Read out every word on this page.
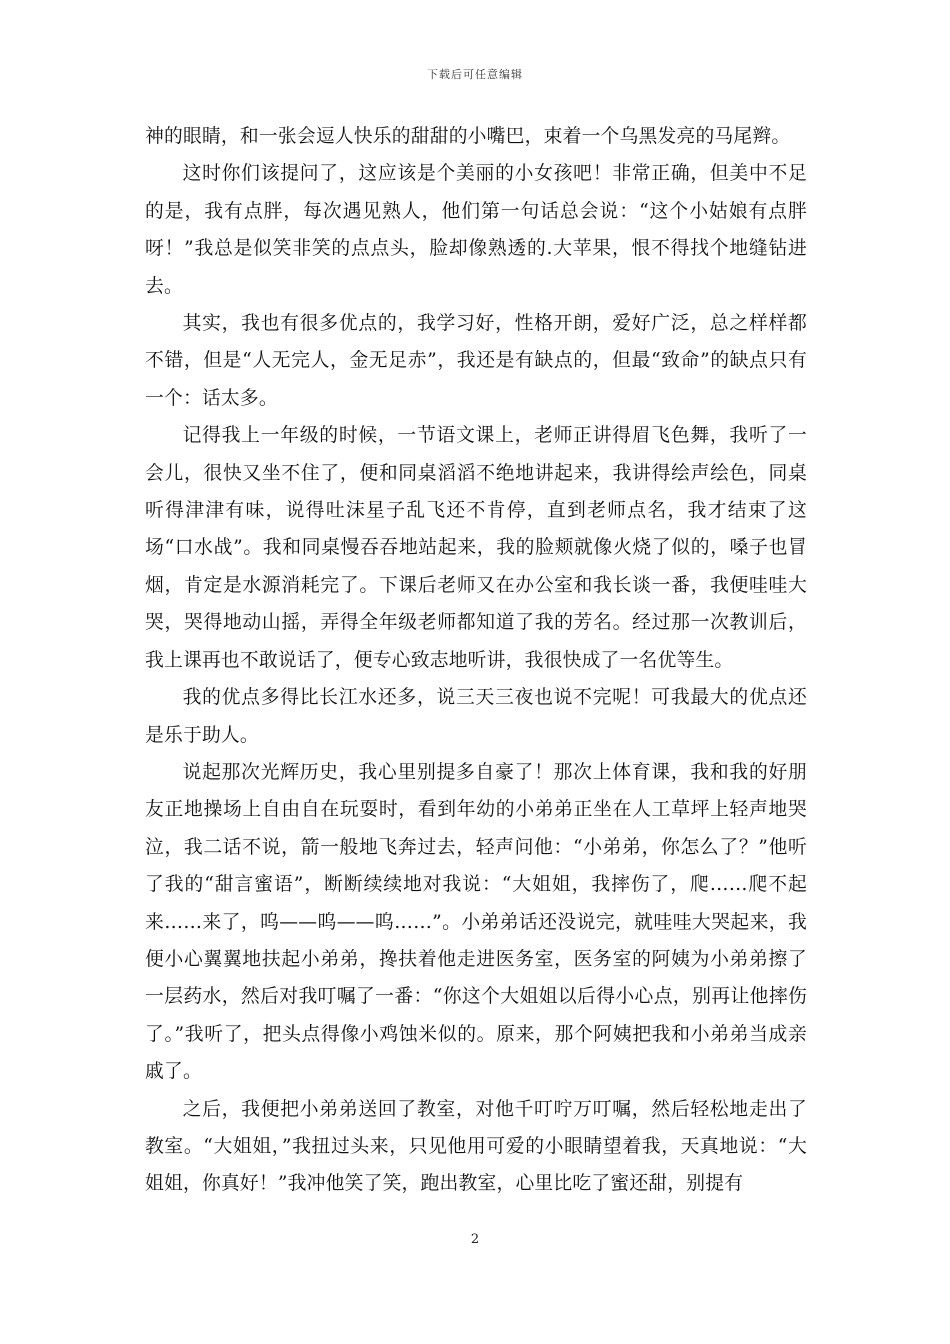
下载后可任意编辑

神的眼睛，和一张会逗人快乐的甜甜的小嘴巴，束着一个乌黑发亮的马尾辫。

这时你们该提问了，这应该是个美丽的小女孩吧！非常正确，但美中不足的是，我有点胖，每次遇见熟人，他们第一句话总会说：“这个小姑娘有点胖呀！”我总是似笑非笑的点点头，脸却像熟透的.大苹果，恨不得找个地缝钻进去。

其实，我也有很多优点的，我学习好，性格开朗，爱好广泛，总之样样都不错，但是“人无完人，金无足赤”，我还是有缺点的，但最“致命”的缺点只有一个：话太多。

记得我上一年级的时候，一节语文课上，老师正讲得眉飞色舞，我听了一会儿，很快又坐不住了，便和同桌滔滔不绝地讲起来，我讲得绘声绘色，同桌听得津津有味，说得吐沫星子乱飞还不肯停，直到老师点名，我才结束了这场“口水战”。我和同桌慢吞吞地站起来，我的脸颊就像火烧了似的，嗓子也冒烟，肯定是水源消耗完了。下课后老师又在办公室和我长谈一番，我便哇哇大哭，哭得地动山摇，弄得全年级老师都知道了我的芳名。经过那一次教训后，我上课再也不敢说话了，便专心致志地听讲，我很快成了一名优等生。

我的优点多得比长江水还多，说三天三夜也说不完呢！可我最大的优点还是乐于助人。

说起那次光辉历史，我心里别提多自豪了！那次上体育课，我和我的好朋友正地操场上自由自在玩耍时，看到年幼的小弟弟正坐在人工草坪上轻声地哭泣，我二话不说，箭一般地飞奔过去，轻声问他：“小弟弟，你怎么了？”他听了我的“甜言蜜语”，断断续续地对我说：“大姐姐，我摔伤了，爬……爬不起来……来了，呜——呜——呜……”。小弟弟话还没说完，就哇哇大哭起来，我便小心翼翼地扶起小弟弟，搀扶着他走进医务室，医务室的阿姨为小弟弟擦了一层药水，然后对我叮嘱了一番：“你这个大姐姐以后得小心点，别再让他摔伤了。”我听了，把头点得像小鸡蚀米似的。原来，那个阿姨把我和小弟弟当成亲戚了。

之后，我便把小弟弟送回了教室，对他千叮咛万叮嘱，然后轻松地走出了教室。“大姐姐，”我扭过头来，只见他用可爱的小眼睛望着我，天真地说：“大姐姐，你真好！”我冲他笑了笑，跑出教室，心里比吃了蜜还甜，别提有

2
